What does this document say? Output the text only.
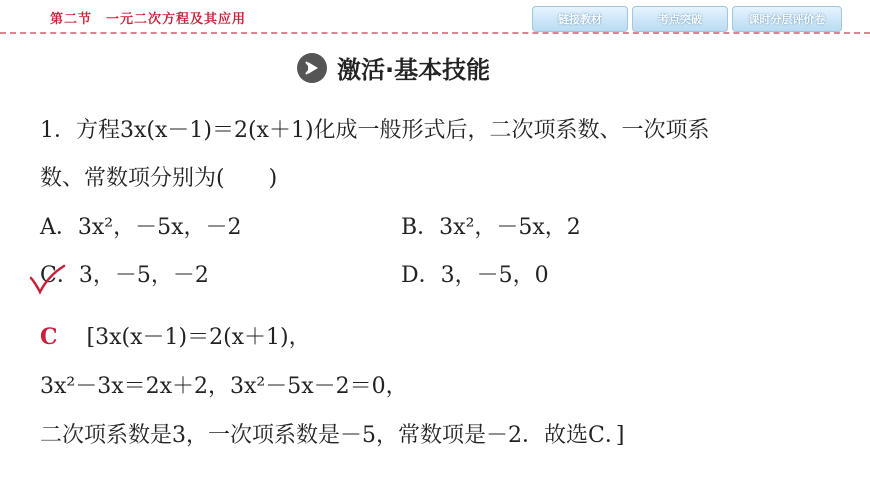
第二节　一元二次方程及其应用	链接教材	考点突破	课时分层评价卷
激活·基本技能
1．方程3x(x－1)＝2(x＋1)化成一般形式后，二次项系数、一次项系
数、常数项分别为(　　)
A．3x²，－5x，－2	B．3x²，－5x，2
C．3，－5，－2	D．3，－5，0
C [3x(x－1)＝2(x＋1)，
3x²－3x＝2x＋2，3x²－5x－2＝0，
二次项系数是3，一次项系数是－5，常数项是－2．故选C．]
